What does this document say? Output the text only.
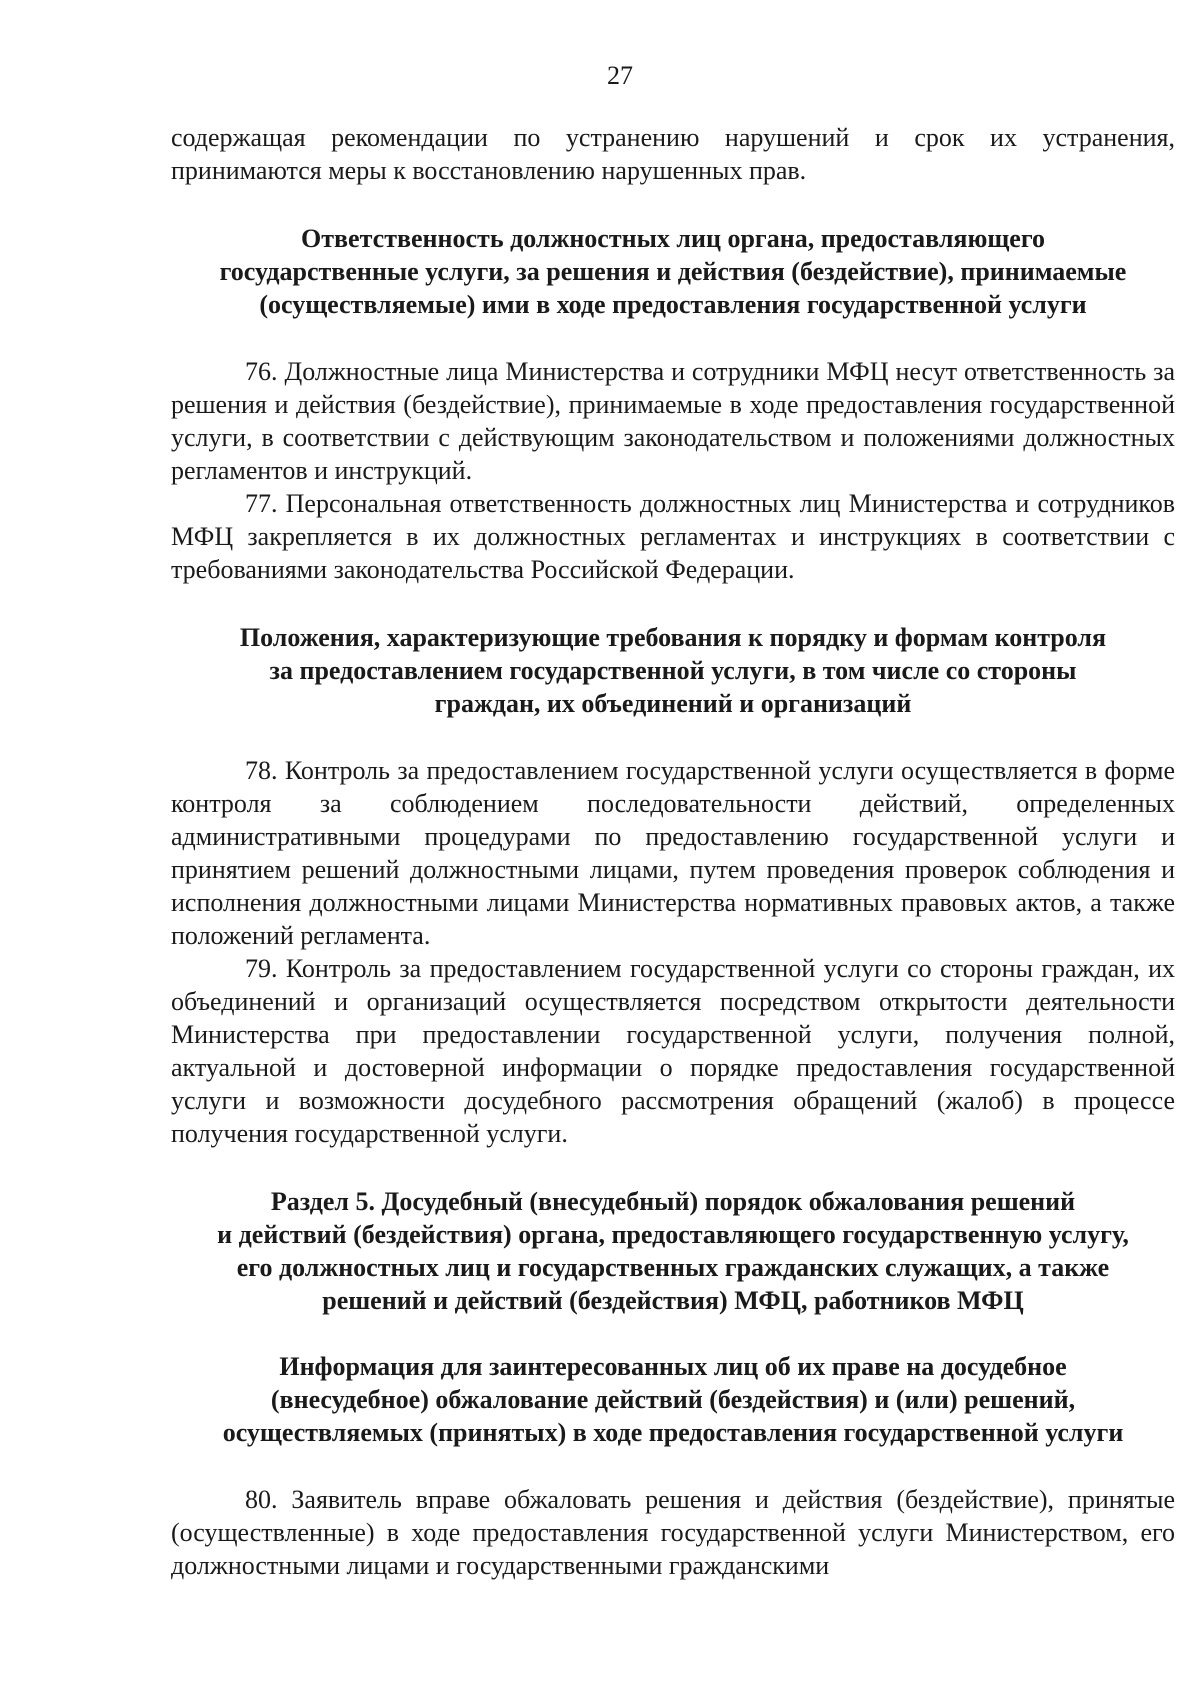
27

содержащая рекомендации по устранению нарушений и срок их устранения, принимаются меры к восстановлению нарушенных прав.

Ответственность должностных лиц органа, предоставляющего
государственные услуги, за решения и действия (бездействие), принимаемые
(осуществляемые) ими в ходе предоставления государственной услуги

76. Должностные лица Министерства и сотрудники МФЦ несут ответственность за решения и действия (бездействие), принимаемые в ходе предоставления государственной услуги, в соответствии с действующим законодательством и положениями должностных регламентов и инструкций.

77. Персональная ответственность должностных лиц Министерства и сотрудников МФЦ закрепляется в их должностных регламентах и инструкциях в соответствии с требованиями законодательства Российской Федерации.

Положения, характеризующие требования к порядку и формам контроля
за предоставлением государственной услуги, в том числе со стороны
граждан, их объединений и организаций

78. Контроль за предоставлением государственной услуги осуществляется в форме контроля за соблюдением последовательности действий, определенных административными процедурами по предоставлению государственной услуги и принятием решений должностными лицами, путем проведения проверок соблюдения и исполнения должностными лицами Министерства нормативных правовых актов, а также положений регламента.

79. Контроль за предоставлением государственной услуги со стороны граждан, их объединений и организаций осуществляется посредством открытости деятельности Министерства при предоставлении государственной услуги, получения полной, актуальной и достоверной информации о порядке предоставления государственной услуги и возможности досудебного рассмотрения обращений (жалоб) в процессе получения государственной услуги.

Раздел 5. Досудебный (внесудебный) порядок обжалования решений
и действий (бездействия) органа, предоставляющего государственную услугу,
его должностных лиц и государственных гражданских служащих, а также
решений и действий (бездействия) МФЦ, работников МФЦ
Информация для заинтересованных лиц об их праве на досудебное
(внесудебное) обжалование действий (бездействия) и (или) решений,
осуществляемых (принятых) в ходе предоставления государственной услуги

80. Заявитель вправе обжаловать решения и действия (бездействие), принятые (осуществленные) в ходе предоставления государственной услуги Министерством, его должностными лицами и государственными гражданскими
